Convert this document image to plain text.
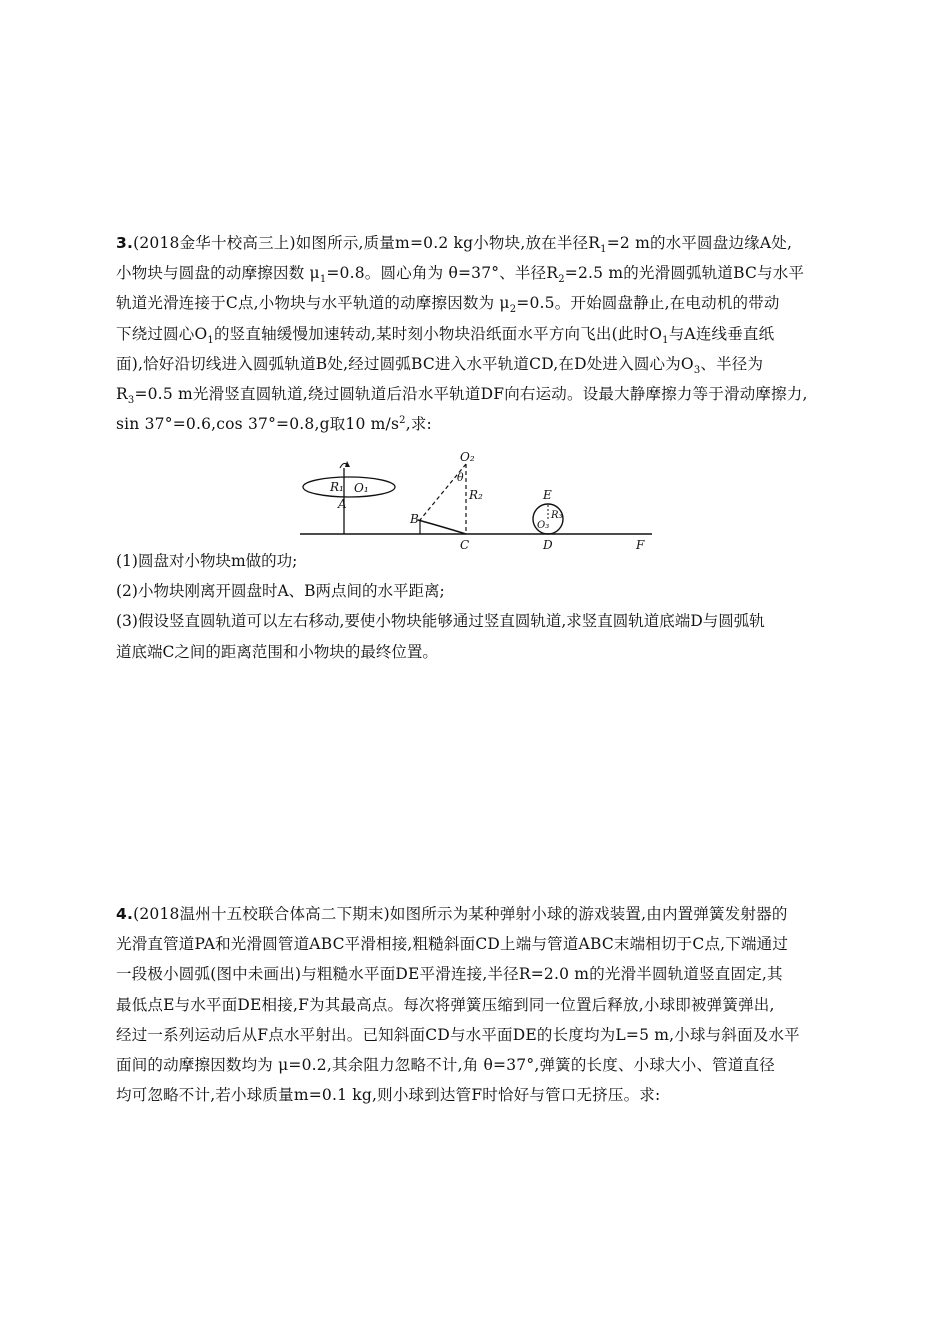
3.(2018金华十校高三上)如图所示,质量m=0.2 kg小物块,放在半径$R_1=2$ m的水平圆盘边缘A处,
小物块与圆盘的动摩擦因数 $\mu_1=0.8$。圆心角为 θ=37°、半径$R_2=2.5$ m的光滑圆弧轨道BC与水平
轨道光滑连接于C点,小物块与水平轨道的动摩擦因数为 $\mu_2=0.5$。开始圆盘静止,在电动机的带动
下绕过圆心$O_1$的竖直轴缓慢加速转动,某时刻小物块沿纸面水平方向飞出(此时$O_1$与A连线垂直纸
面),恰好沿切线进入圆弧轨道B处,经过圆弧BC进入水平轨道CD,在D处进入圆心为$O_3$、半径为
$R_3=0.5$ m光滑竖直圆轨道,绕过圆轨道后沿水平轨道DF向右运动。设最大静摩擦力等于滑动摩擦力,
sin 37°=0.6,cos 37°=0.8,g取10 $m/s^2$,求:
R₁ O₁
A
O₂
θ
R₂
B
C
E
R₃
O₃
D	F
(1)圆盘对小物块m做的功;
(2)小物块刚离开圆盘时A、B两点间的水平距离;
(3)假设竖直圆轨道可以左右移动,要使小物块能够通过竖直圆轨道,求竖直圆轨道底端D与圆弧轨
道底端C之间的距离范围和小物块的最终位置。
4.(2018温州十五校联合体高二下期末)如图所示为某种弹射小球的游戏装置,由内置弹簧发射器的
光滑直管道PA和光滑圆管道ABC平滑相接,粗糙斜面CD上端与管道ABC末端相切于C点,下端通过
一段极小圆弧(图中未画出)与粗糙水平面DE平滑连接,半径R=2.0 m的光滑半圆轨道竖直固定,其
最低点E与水平面DE相接,F为其最高点。每次将弹簧压缩到同一位置后释放,小球即被弹簧弹出,
经过一系列运动后从F点水平射出。已知斜面CD与水平面DE的长度均为L=5 m,小球与斜面及水平
面间的动摩擦因数均为 μ=0.2,其余阻力忽略不计,角 θ=37°,弹簧的长度、小球大小、管道直径
均可忽略不计,若小球质量m=0.1 kg,则小球到达管F时恰好与管口无挤压。求:
